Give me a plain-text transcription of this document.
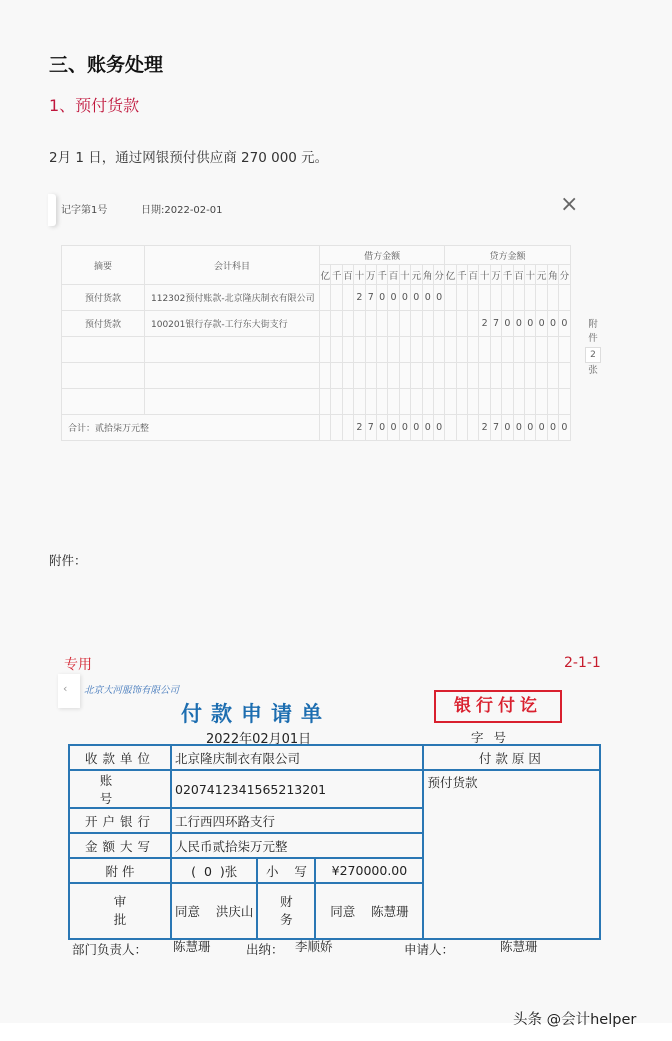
三、账务处理
1、预付货款
2月 1 日，通过网银预付供应商 270 000 元。
记字第1号	日期:2022-02-01	×
摘要	会计科目	借方金额											贷方金额										
		亿	千	百	十	万	千	百	十	元	角	分	亿	千	百	十	万	千	百	十	元	角	分
预付货款	112302预付账款-北京隆庆制衣有限公司				2	7	0	0	0	0	0	0											
预付货款	100201银行存款-工行东大街支行															2	7	0	0	0	0	0	0

合计：贰拾柒万元整					2	7	0	0	0	0	0	0				2	7	0	0	0	0	0	0
附
件
2
张
附件：
专用	2-1-1
‹	北京大河服饰有限公司
付款申请单
2022年02月01日
银行付讫
字号
收款单位	北京隆庆制衣有限公司			付款原因
账 号	0207412341565213201			预付货款
开户银行	工行西四环路支行			
金额大写	人民币贰拾柒万元整			
附 件	(  0  )张	小    写	¥270000.00	
审批	同意 洪庆山	财务	同意 陈慧珊	
部门负责人： 陈慧珊	出纳： 李顺娇	申请人：	陈慧珊
头条 @会计helper
